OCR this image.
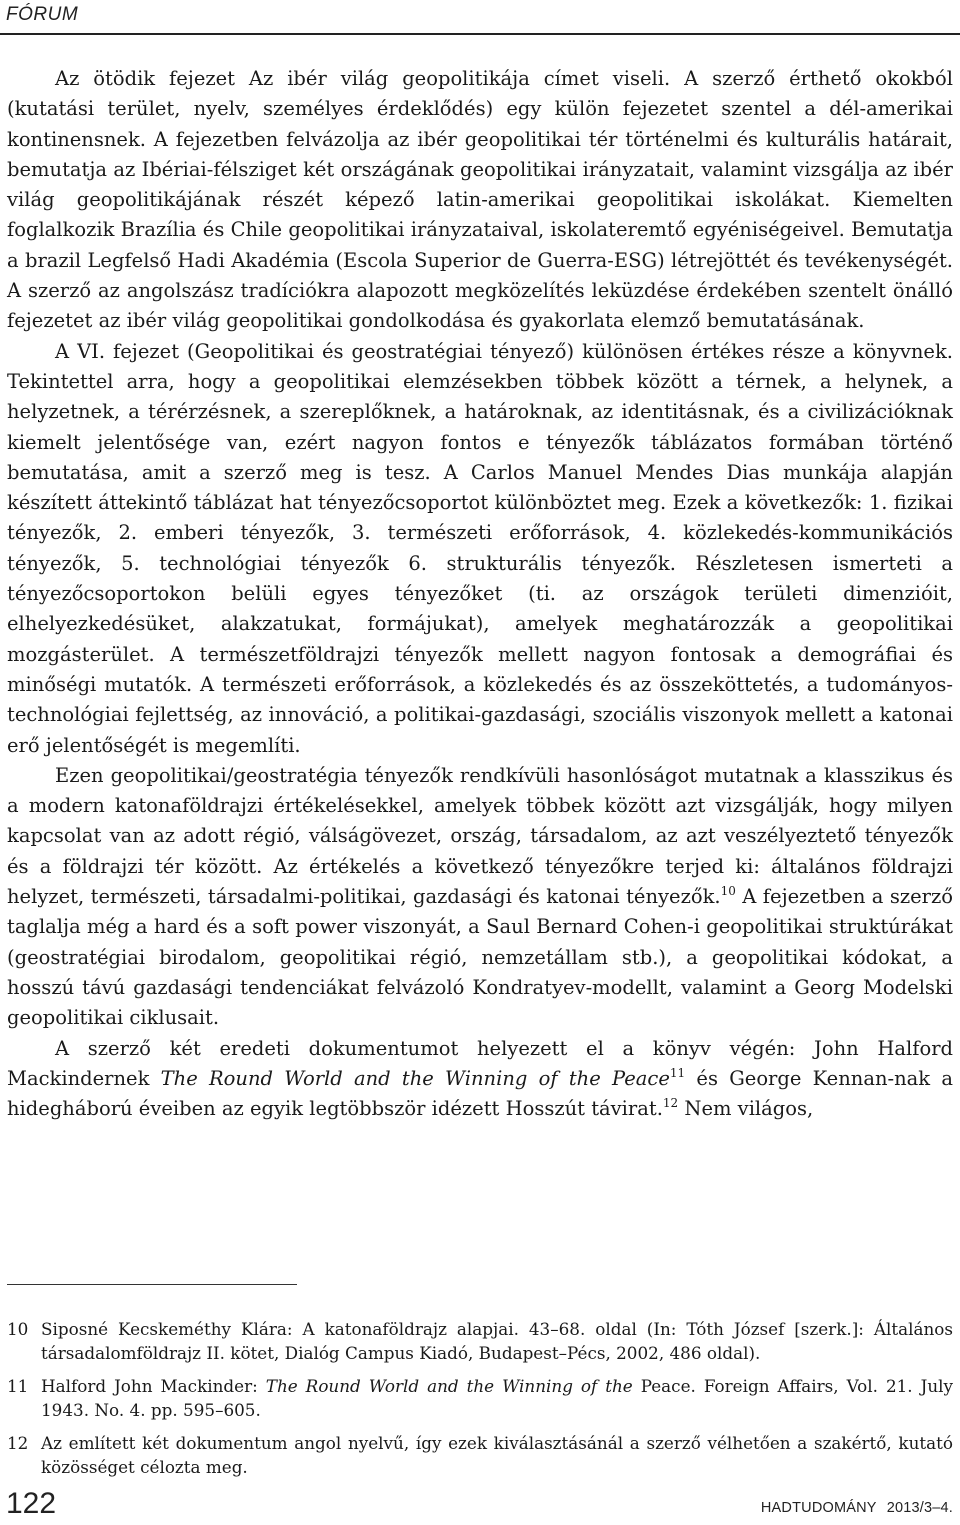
FÓRUM

Az ötödik fejezet Az ibér világ geopolitikája címet viseli. A szerző érthető okokból (kutatási terület, nyelv, személyes érdeklődés) egy külön fejezetet szentel a dél-amerikai kontinensnek. A fejezetben felvázolja az ibér geopolitikai tér történelmi és kulturális határait, bemutatja az Ibériai-félsziget két országának geopolitikai irányzatait, valamint vizsgálja az ibér világ geopolitikájának részét képező latin-amerikai geopolitikai iskolákat. Kiemelten foglalkozik Brazília és Chile geopolitikai irányzataival, iskolateremtő egyéniségeivel. Bemutatja a brazil Legfelső Hadi Akadémia (Escola Superior de Guerra-ESG) létrejöttét és tevékenységét. A szerző az angolszász tradíciókra alapozott megközelítés leküzdése érdekében szentelt önálló fejezetet az ibér világ geopolitikai gondolkodása és gyakorlata elemző bemutatásának.

A VI. fejezet (Geopolitikai és geostratégiai tényező) különösen értékes része a könyvnek. Tekintettel arra, hogy a geopolitikai elemzésekben többek között a térnek, a helynek, a helyzetnek, a térérzésnek, a szereplőknek, a határoknak, az identitásnak, és a civilizációknak kiemelt jelentősége van, ezért nagyon fontos e tényezők táblázatos formában történő bemutatása, amit a szerző meg is tesz. A Carlos Manuel Mendes Dias munkája alapján készített áttekintő táblázat hat tényezőcsoportot különböztet meg. Ezek a következők: 1. fizikai tényezők, 2. emberi tényezők, 3. természeti erőforrások, 4. közlekedés-kommunikációs tényezők, 5. technológiai tényezők 6. strukturális tényezők. Részletesen ismerteti a tényezőcsoportokon belüli egyes tényezőket (ti. az országok területi dimenzióit, elhelyezkedésüket, alakzatukat, formájukat), amelyek meghatározzák a geopolitikai mozgásterület. A természetföldrajzi tényezők mellett nagyon fontosak a demográfiai és minőségi mutatók. A természeti erőforrások, a közlekedés és az összeköttetés, a tudományos-technológiai fejlettség, az innováció, a politikai-gazdasági, szociális viszonyok mellett a katonai erő jelentőségét is megemlíti.

Ezen geopolitikai/geostratégia tényezők rendkívüli hasonlóságot mutatnak a klasszikus és a modern katonaföldrajzi értékelésekkel, amelyek többek között azt vizsgálják, hogy milyen kapcsolat van az adott régió, válságövezet, ország, társadalom, az azt veszélyeztető tényezők és a földrajzi tér között. Az értékelés a következő tényezőkre terjed ki: általános földrajzi helyzet, természeti, társadalmi-politikai, gazdasági és katonai tényezők.$^{10}$ A fejezetben a szerző taglalja még a hard és a soft power viszonyát, a Saul Bernard Cohen-i geopolitikai struktúrákat (geostratégiai birodalom, geopolitikai régió, nemzetállam stb.), a geopolitikai kódokat, a hosszú távú gazdasági tendenciákat felvázoló Kondratyev-modellt, valamint a Georg Modelski geopolitikai ciklusait.

A szerző két eredeti dokumentumot helyezett el a könyv végén: John Halford Mackindernek The Round World and the Winning of the Peace$^{11}$ és George Kennan-nak a hidegháború éveiben az egyik legtöbbször idézett Hosszút távirat.$^{12}$ Nem világos,

10 Siposné Kecskeméthy Klára: A katonaföldrajz alapjai. 43–68. oldal (In: Tóth József [szerk.]: Általános társadalomföldrajz II. kötet, Dialóg Campus Kiadó, Budapest–Pécs, 2002, 486 oldal).
11 Halford John Mackinder: The Round World and the Winning of the Peace. Foreign Affairs, Vol. 21. July 1943. No. 4. pp. 595–605.
12 Az említett két dokumentum angol nyelvű, így ezek kiválasztásánál a szerző vélhetően a szakértő, kutató közösséget célozta meg.
122	HADTUDOMÁNY 2013/3–4.
